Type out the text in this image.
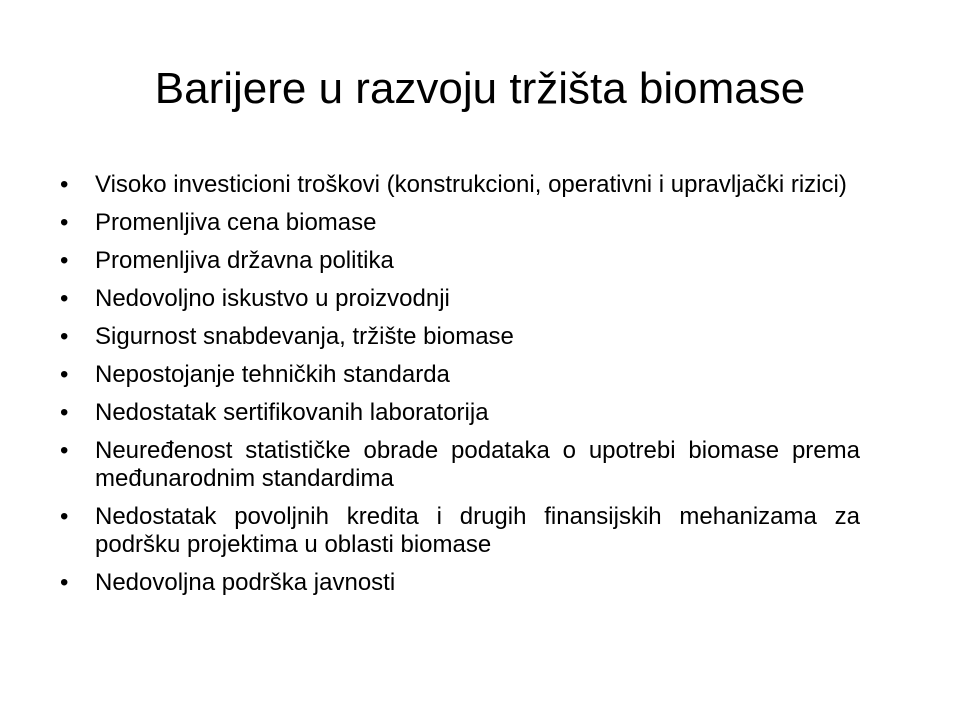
Barijere u razvoju tržišta biomase
•	Visoko investicioni troškovi (konstrukcioni, operativni i upravljački rizici)
•	Promenljiva cena biomase
•	Promenljiva državna politika
•	Nedovoljno iskustvo u proizvodnji
•	Sigurnost snabdevanja, tržište biomase
•	Nepostojanje tehničkih standarda
•	Nedostatak sertifikovanih laboratorija
•	Neuređenost statističke obrade podataka o upotrebi biomase prema međunarodnim standardima
•	Nedostatak povoljnih kredita i drugih finansijskih mehanizama za podršku projektima u oblasti biomase
•	Nedovoljna podrška javnosti
